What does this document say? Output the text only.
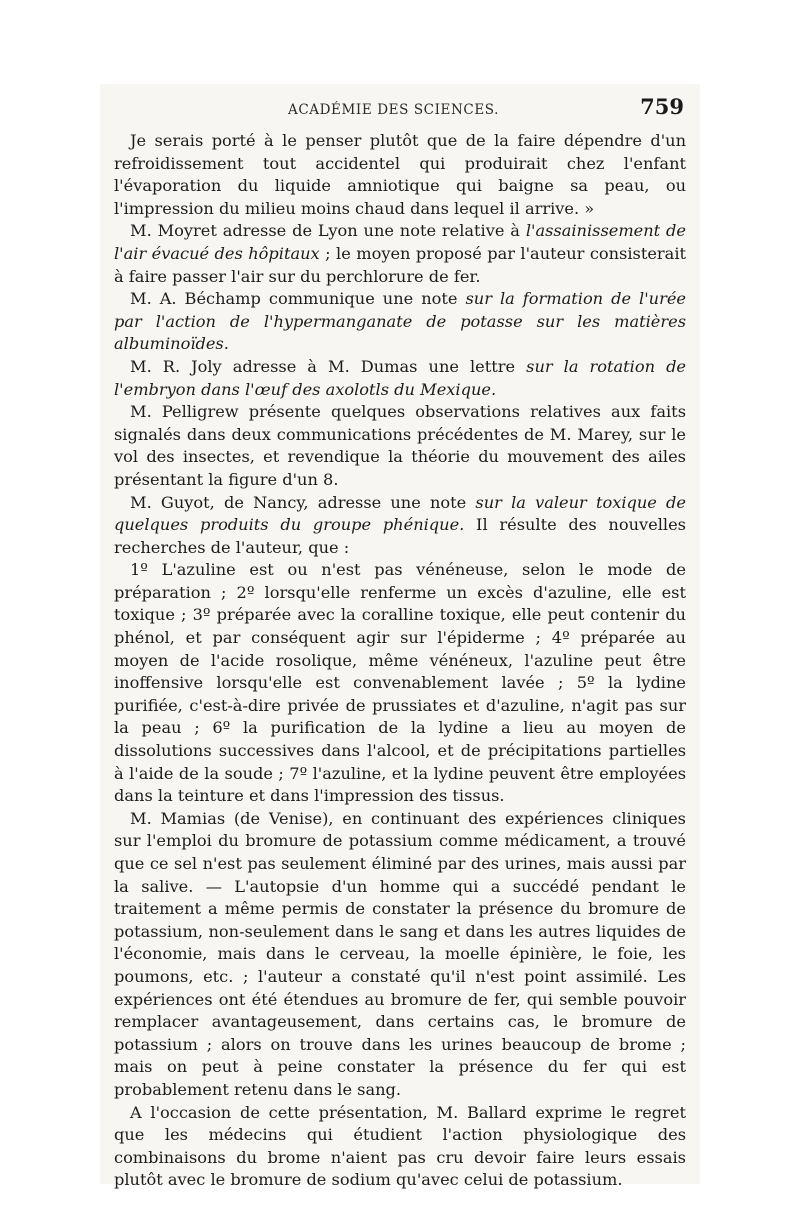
ACADÉMIE DES SCIENCES.	759

Je serais porté à le penser plutôt que de la faire dépendre d'un refroidissement tout accidentel qui produirait chez l'enfant l'évaporation du liquide amniotique qui baigne sa peau, ou l'impression du milieu moins chaud dans lequel il arrive. »

M. Moyret adresse de Lyon une note relative à l'assainissement de l'air évacué des hôpitaux ; le moyen proposé par l'auteur consisterait à faire passer l'air sur du perchlorure de fer.

M. A. Béchamp communique une note sur la formation de l'urée par l'action de l'hypermanganate de potasse sur les matières albuminoïdes.

M. R. Joly adresse à M. Dumas une lettre sur la rotation de l'embryon dans l'œuf des axolotls du Mexique.

M. Pelligrew présente quelques observations relatives aux faits signalés dans deux communications précédentes de M. Marey, sur le vol des insectes, et revendique la théorie du mouvement des ailes présentant la figure d'un 8.

M. Guyot, de Nancy, adresse une note sur la valeur toxique de quelques produits du groupe phénique. Il résulte des nouvelles recherches de l'auteur, que :

1º L'azuline est ou n'est pas vénéneuse, selon le mode de préparation ; 2º lorsqu'elle renferme un excès d'azuline, elle est toxique ; 3º préparée avec la coralline toxique, elle peut contenir du phénol, et par conséquent agir sur l'épiderme ; 4º préparée au moyen de l'acide rosolique, même vénéneux, l'azuline peut être inoffensive lorsqu'elle est convenablement lavée ; 5º la lydine purifiée, c'est-à-dire privée de prussiates et d'azuline, n'agit pas sur la peau ; 6º la purification de la lydine a lieu au moyen de dissolutions successives dans l'alcool, et de précipitations partielles à l'aide de la soude ; 7º l'azuline, et la lydine peuvent être employées dans la teinture et dans l'impression des tissus.

M. Mamias (de Venise), en continuant des expériences cliniques sur l'emploi du bromure de potassium comme médicament, a trouvé que ce sel n'est pas seulement éliminé par des urines, mais aussi par la salive. — L'autopsie d'un homme qui a succédé pendant le traitement a même permis de constater la présence du bromure de potassium, non-seulement dans le sang et dans les autres liquides de l'économie, mais dans le cerveau, la moelle épinière, le foie, les poumons, etc. ; l'auteur a constaté qu'il n'est point assimilé. Les expériences ont été étendues au bromure de fer, qui semble pouvoir remplacer avantageusement, dans certains cas, le bromure de potassium ; alors on trouve dans les urines beaucoup de brome ; mais on peut à peine constater la présence du fer qui est probablement retenu dans le sang.

A l'occasion de cette présentation, M. Ballard exprime le regret que les médecins qui étudient l'action physiologique des combinaisons du brome n'aient pas cru devoir faire leurs essais plutôt avec le bromure de sodium qu'avec celui de potassium.
